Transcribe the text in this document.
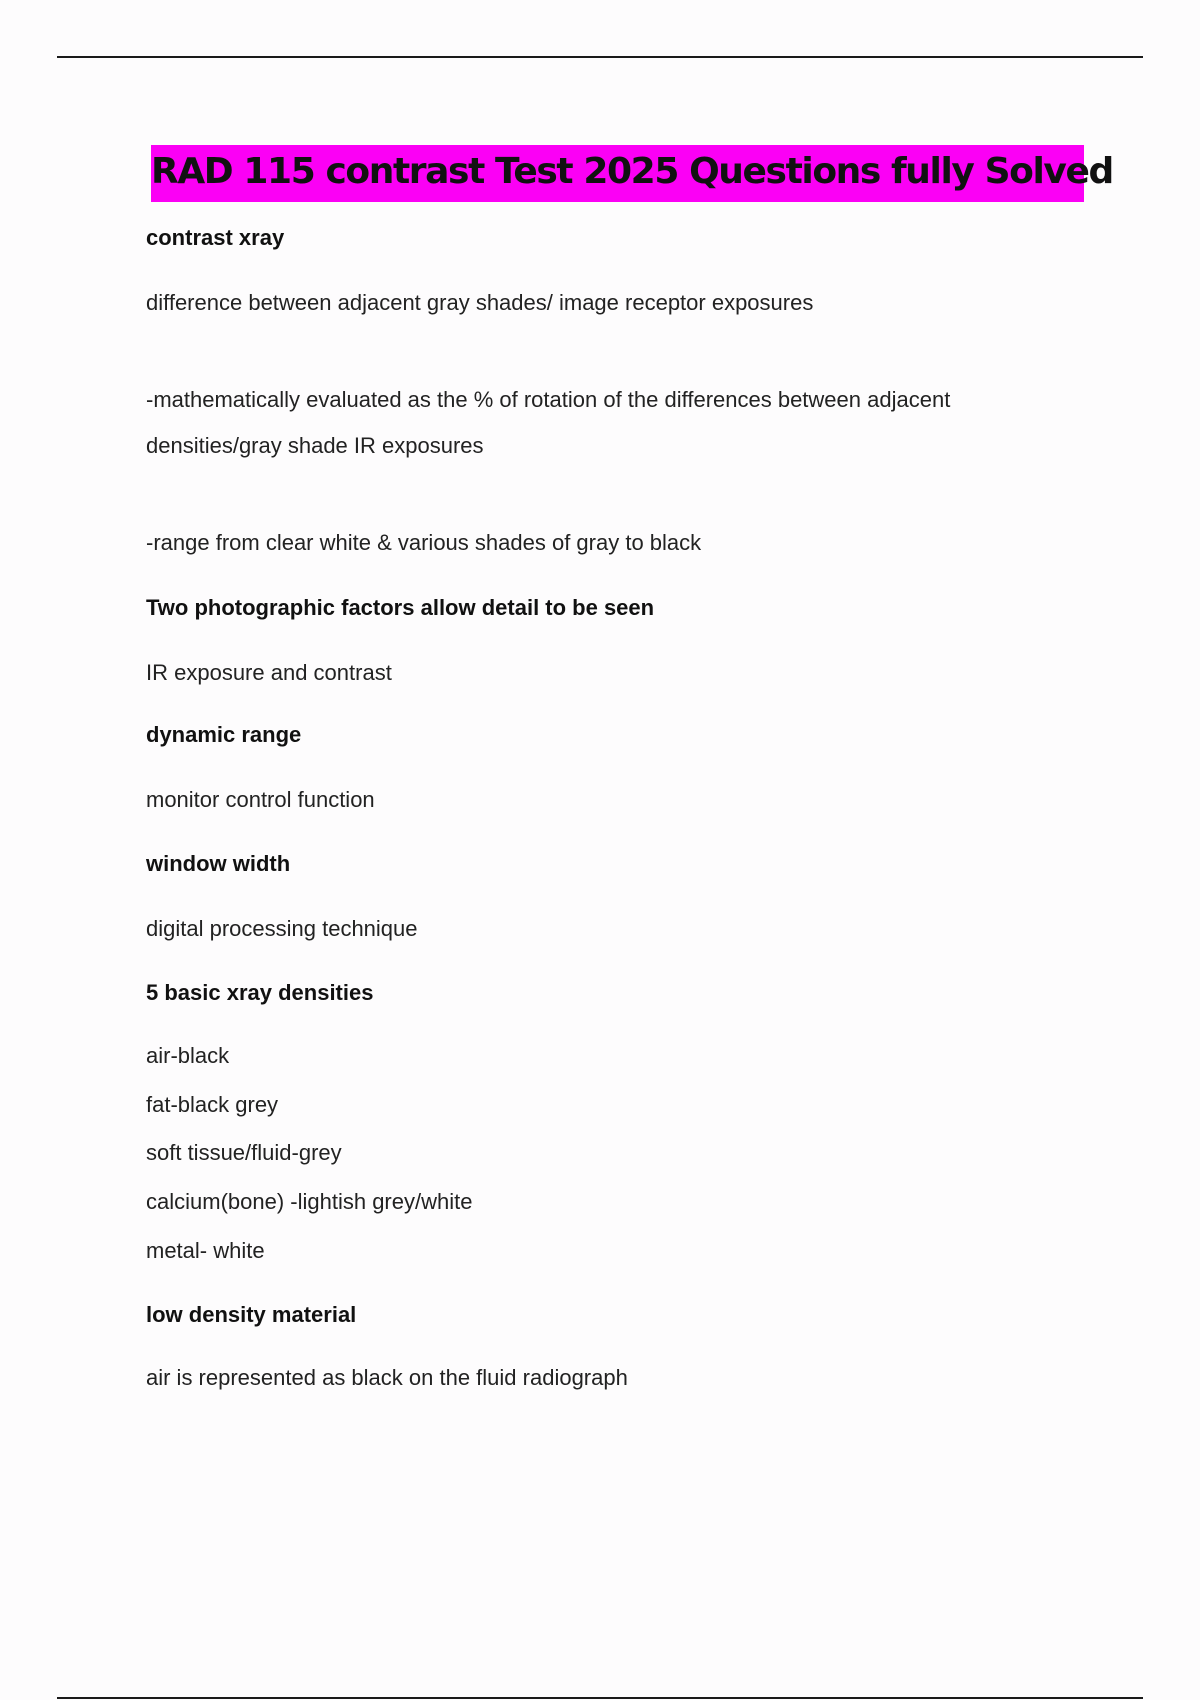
RAD 115 contrast Test 2025 Questions fully Solved
contrast xray
difference between adjacent gray shades/ image receptor exposures
-mathematically evaluated as the % of rotation of the differences between adjacent
densities/gray shade IR exposures
-range from clear white & various shades of gray to black
Two photographic factors allow detail to be seen
IR exposure and contrast
dynamic range
monitor control function
window width
digital processing technique
5 basic xray densities
air-black
fat-black grey
soft tissue/fluid-grey
calcium(bone) -lightish grey/white
metal- white
low density material
air is represented as black on the fluid radiograph
